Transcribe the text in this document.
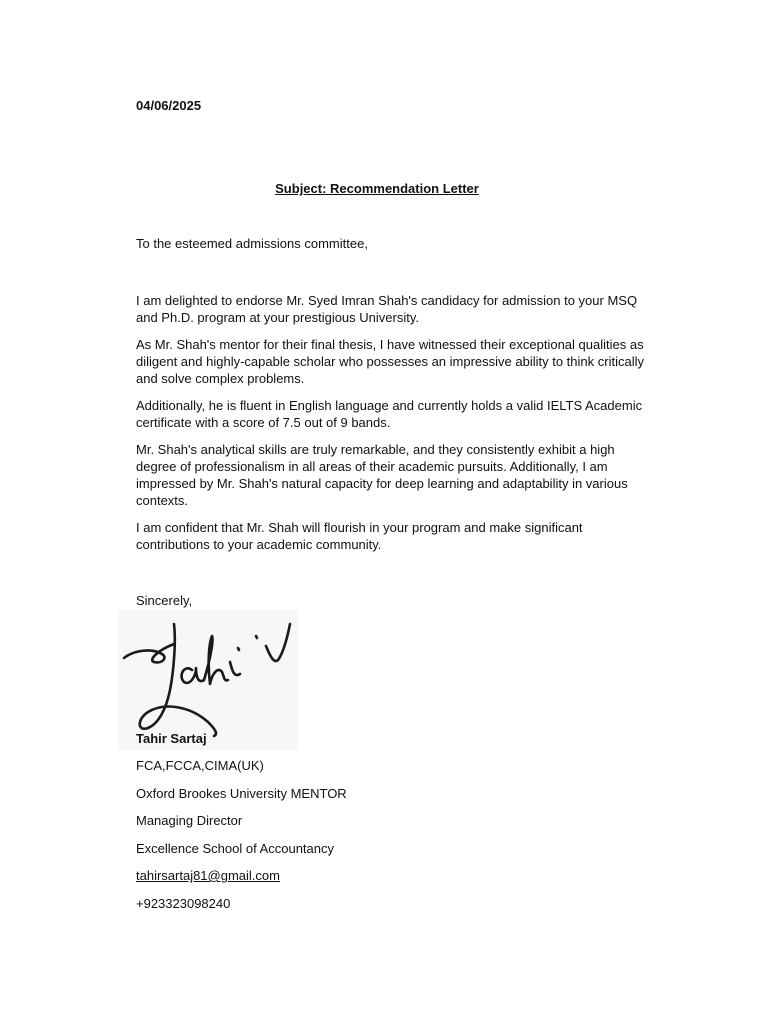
04/06/2025
Subject: Recommendation Letter
To the esteemed admissions committee,

I am delighted to endorse Mr. Syed Imran Shah's candidacy for admission to your MSQ and Ph.D. program at your prestigious University.

As Mr. Shah's mentor for their final thesis, I have witnessed their exceptional qualities as diligent and highly-capable scholar who possesses an impressive ability to think critically and solve complex problems.

Additionally, he is fluent in English language and currently holds a valid IELTS Academic certificate with a score of 7.5 out of 9 bands.

Mr. Shah's analytical skills are truly remarkable, and they consistently exhibit a high degree of professionalism in all areas of their academic pursuits. Additionally, I am impressed by Mr. Shah's natural capacity for deep learning and adaptability in various contexts.

I am confident that Mr. Shah will flourish in your program and make significant contributions to your academic community.

Sincerely,
Tahir Sartaj
FCA,FCCA,CIMA(UK)
Oxford Brookes University MENTOR
Managing Director
Excellence School of Accountancy
tahirsartaj81@gmail.com
+923323098240
